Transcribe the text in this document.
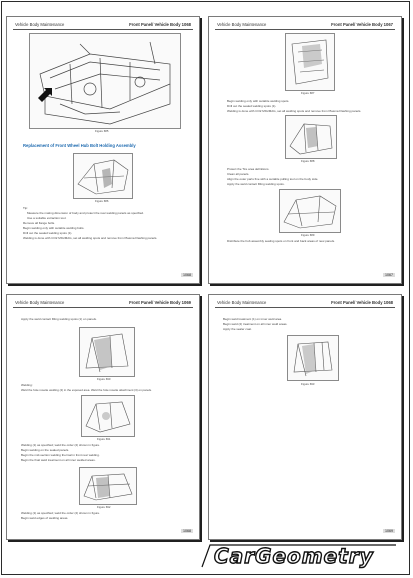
Vehicle Body Maintenance	Front Panel/ Vehicle Body 1068
Figure 685
Replacement of Front Wheel Hub Bolt Holding Assembly
Figure 686
Tip:
Measure the mating dimension of body and protect the rear welding panels as specified.
Use a suitable extraction tool.
Remove all flange bolts.
Begin welding only with suitable welding bolts.
Drill out the sealed welding spots (1).
Welding is done with CO2 MIG/MAG, set all welding spots and remove from Plasma Flashing panels.
1068
Vehicle Body Maintenance	Front Panel/ Vehicle Body 1067
Figure 687
Begin welding only with suitable welding spots.
Drill out the sealed welding spots (1).
Welding is done with CO2 MIG/MAG, set all welding spots and remove from Plasma Flashing panels.
Figure 688
Protect the Tire area definitions.
Clean all panels.
Align the outer parts fine with a suitable pulling tool on the body side.
Apply the weld contact filling welding spots.
Figure 689
Distribute the hub assembly sealing spots on front and back areas of new panels.
1067
Vehicle Body Maintenance	Front Panel/ Vehicle Body 1069
Apply the weld contact filling welding spots (1) on panels.
Figure 690
Welding:
Weld the hole rosette welding (2) in the exposed area. Weld the hole rosette attachment (3) on panels.
Figure 691
Welding (1) as specified; weld the order (2) shown in figure.
Begin welding on the sealed panels.
Begin the mid-section welding thermal in front rear welding.
Begin the final weld treatment on all inner welded areas.
Figure 692
Welding (1) as specified; weld the order (2) shown in figure.
Begin weld edges of welding areas.
1068
Vehicle Body Maintenance	Front Panel/ Vehicle Body 1068
Begin weld treatment (1) on inner weld area.
Begin weld (2) treatment on all inner weld areas.
Apply the sealer coat.
Figure 693
1069
CarGeometry
